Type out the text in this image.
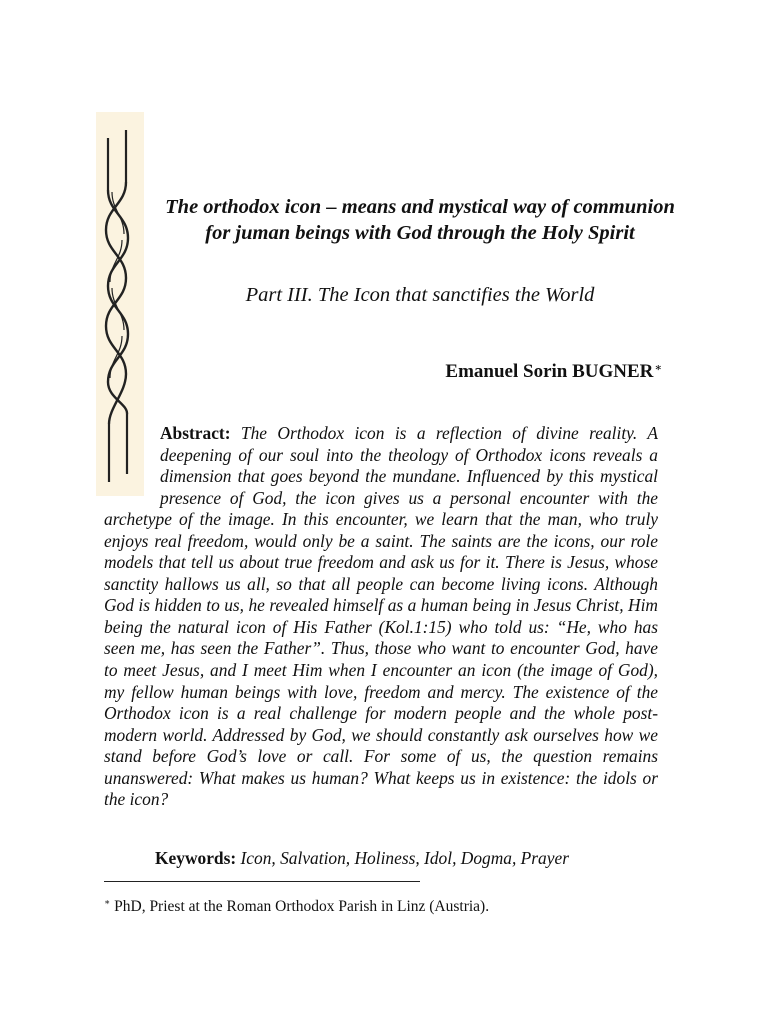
The orthodox icon – means and mystical way of communion for juman beings with God through the Holy Spirit
Part III. The Icon that sanctifies the World
Emanuel Sorin BUGNER∗
Abstract: The Orthodox icon is a reflection of divine reality. A deepening of our soul into the theology of Orthodox icons reveals a dimension that goes beyond the mundane. Influenced by this mystical presence of God, the icon gives us a personal encounter with the archetype of the image. In this encounter, we learn that the man, who truly enjoys real freedom, would only be a saint. The saints are the icons, our role models that tell us about true freedom and ask us for it. There is Jesus, whose sanctity hallows us all, so that all people can become living icons. Although God is hidden to us, he revealed himself as a human being in Jesus Christ, Him being the natural icon of His Father (Kol.1:15) who told us: “He, who has seen me, has seen the Father”. Thus, those who want to encounter God, have to meet Jesus, and I meet Him when I encounter an icon (the image of God), my fellow human beings with love, freedom and mercy. The existence of the Orthodox icon is a real challenge for modern people and the whole post-modern world. Addressed by God, we should constantly ask ourselves how we stand before God’s love or call. For some of us, the question remains unanswered: What makes us human? What keeps us in existence: the idols or the icon?
Keywords: Icon, Salvation, Holiness, Idol, Dogma, Prayer
∗ PhD, Priest at the Roman Orthodox Parish in Linz (Austria).
